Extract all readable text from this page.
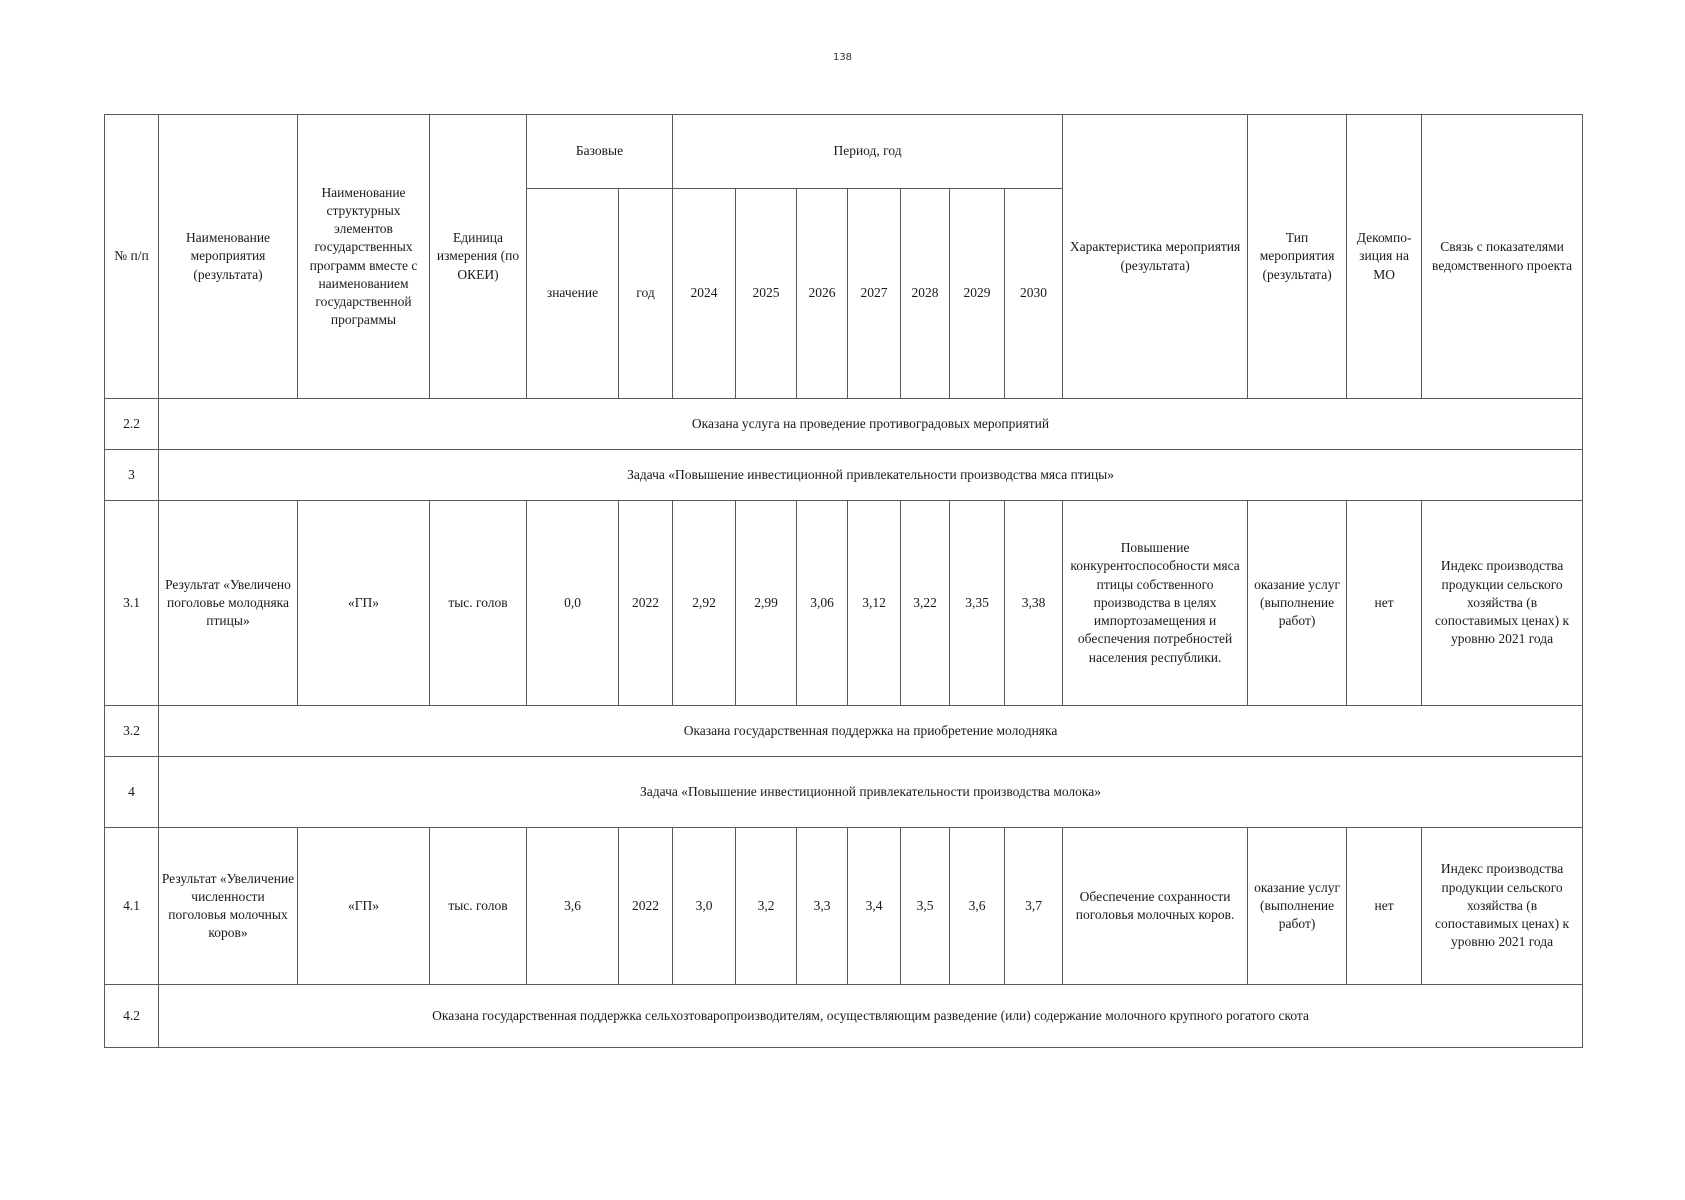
138
№ п/п	Наименование мероприятия (результата)	Наименование структурных элементов государственных программ вместе с наименованием государственной программы	Единица измерения (по ОКЕИ)	Базовые		Период, год							Характеристика мероприятия (результата)	Тип мероприятия (результата)	Декомпо-зиция на МО	Связь с показателями ведомственного проекта
				значение	год	2024	2025	2026	2027	2028	2029	2030				
2.2	Оказана услуга на проведение противоградовых мероприятий															
3	Задача «Повышение инвестиционной привлекательности производства мяса птицы»															
3.1	Результат «Увеличено поголовье молодняка птицы»	«ГП»	тыс. голов	0,0	2022	2,92	2,99	3,06	3,12	3,22	3,35	3,38	Повышение конкурентоспособности мяса птицы собственного производства в целях импортозамещения и обеспечения потребностей населения республики.	оказание услуг (выполнение работ)	нет	Индекс производства продукции сельского хозяйства (в сопоставимых ценах) к уровню 2021 года
3.2	Оказана государственная поддержка на приобретение молодняка															
4	Задача «Повышение инвестиционной привлекательности производства молока»															
4.1	Результат «Увеличение численности поголовья молочных коров»	«ГП»	тыс. голов	3,6	2022	3,0	3,2	3,3	3,4	3,5	3,6	3,7	Обеспечение сохранности поголовья молочных коров.	оказание услуг (выполнение работ)	нет	Индекс производства продукции сельского хозяйства (в сопоставимых ценах) к уровню 2021 года
4.2	Оказана государственная поддержка сельхозтоваропроизводителям, осуществляющим разведение (или) содержание молочного крупного рогатого скота															
